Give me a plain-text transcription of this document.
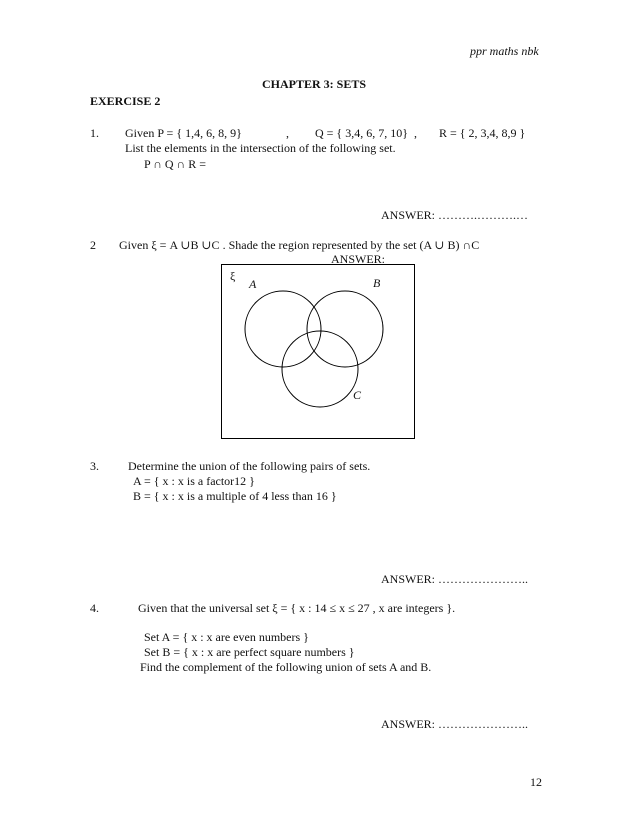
ppr maths nbk
CHAPTER 3: SETS
EXERCISE 2
1. Given P = { 1,4, 6, 8, 9}	, Q = { 3,4, 6, 7, 10} , R = { 2, 3,4, 8,9 }
List the elements in the intersection of the following set.
P ∩ Q ∩ R =
ANSWER: ……….……….…
2 Given ξ = A ∪B ∪C . Shade the region represented by the set (A ∪ B) ∩C
ANSWER:
ξ
A	B
C
3. Determine the union of the following pairs of sets.
A = { x : x is a factor12 }
B = { x : x is a multiple of 4 less than 16 }
ANSWER: …………………..
4.	Given that the universal set ξ = { x : 14 ≤ x ≤ 27 , x are integers }.
Set A = { x : x are even numbers }
Set B = { x : x are perfect square numbers }
Find the complement of the following union of sets A and B.
ANSWER: …………………..
12
